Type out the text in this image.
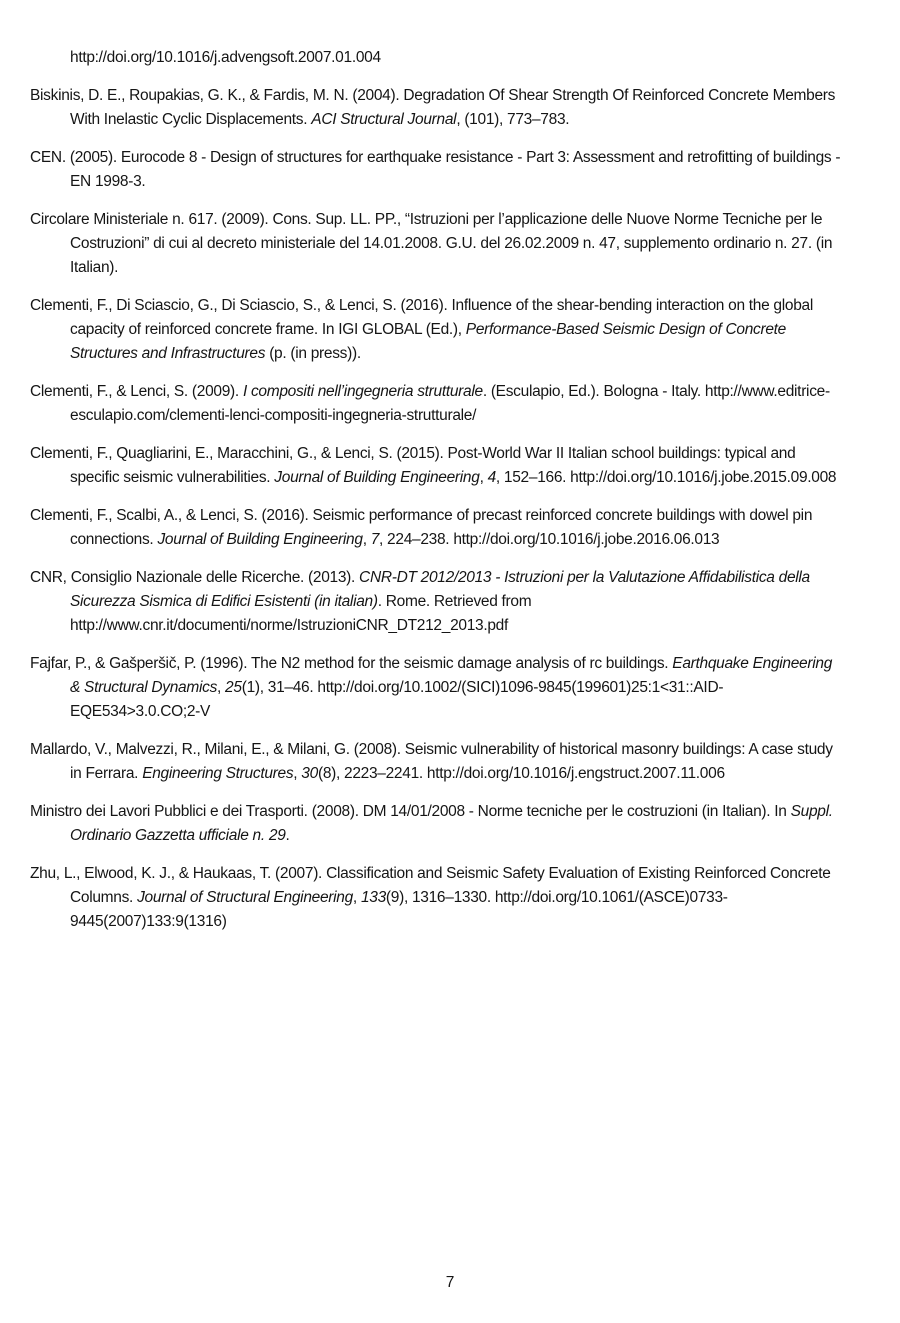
http://doi.org/10.1016/j.advengsoft.2007.01.004

Biskinis, D. E., Roupakias, G. K., & Fardis, M. N. (2004). Degradation Of Shear Strength Of Reinforced Concrete Members With Inelastic Cyclic Displacements. ACI Structural Journal, (101), 773–783.

CEN. (2005). Eurocode 8 - Design of structures for earthquake resistance - Part 3: Assessment and retrofitting of buildings - EN 1998-3.

Circolare Ministeriale n. 617. (2009). Cons. Sup. LL. PP., “Istruzioni per l’applicazione delle Nuove Norme Tecniche per le Costruzioni” di cui al decreto ministeriale del 14.01.2008. G.U. del 26.02.2009 n. 47, supplemento ordinario n. 27. (in Italian).

Clementi, F., Di Sciascio, G., Di Sciascio, S., & Lenci, S. (2016). Influence of the shear-bending interaction on the global capacity of reinforced concrete frame. In IGI GLOBAL (Ed.), Performance-Based Seismic Design of Concrete Structures and Infrastructures (p. (in press)).

Clementi, F., & Lenci, S. (2009). I compositi nell’ingegneria strutturale. (Esculapio, Ed.). Bologna - Italy. http://www.editrice-esculapio.com/clementi-lenci-compositi-ingegneria-strutturale/

Clementi, F., Quagliarini, E., Maracchini, G., & Lenci, S. (2015). Post-World War II Italian school buildings: typical and specific seismic vulnerabilities. Journal of Building Engineering, 4, 152–166. http://doi.org/10.1016/j.jobe.2015.09.008

Clementi, F., Scalbi, A., & Lenci, S. (2016). Seismic performance of precast reinforced concrete buildings with dowel pin connections. Journal of Building Engineering, 7, 224–238. http://doi.org/10.1016/j.jobe.2016.06.013

CNR, Consiglio Nazionale delle Ricerche. (2013). CNR-DT 2012/2013 - Istruzioni per la Valutazione Affidabilistica della Sicurezza Sismica di Edifici Esistenti (in italian). Rome. Retrieved from http://www.cnr.it/documenti/norme/IstruzioniCNR_DT212_2013.pdf

Fajfar, P., & Gašperšič, P. (1996). The N2 method for the seismic damage analysis of rc buildings. Earthquake Engineering & Structural Dynamics, 25(1), 31–46. http://doi.org/10.1002/(SICI)1096-9845(199601)25:1<31::AID-EQE534>3.0.CO;2-V

Mallardo, V., Malvezzi, R., Milani, E., & Milani, G. (2008). Seismic vulnerability of historical masonry buildings: A case study in Ferrara. Engineering Structures, 30(8), 2223–2241. http://doi.org/10.1016/j.engstruct.2007.11.006

Ministro dei Lavori Pubblici e dei Trasporti. (2008). DM 14/01/2008 - Norme tecniche per le costruzioni (in Italian). In Suppl. Ordinario Gazzetta ufficiale n. 29.

Zhu, L., Elwood, K. J., & Haukaas, T. (2007). Classification and Seismic Safety Evaluation of Existing Reinforced Concrete Columns. Journal of Structural Engineering, 133(9), 1316–1330. http://doi.org/10.1061/(ASCE)0733-9445(2007)133:9(1316)

7
